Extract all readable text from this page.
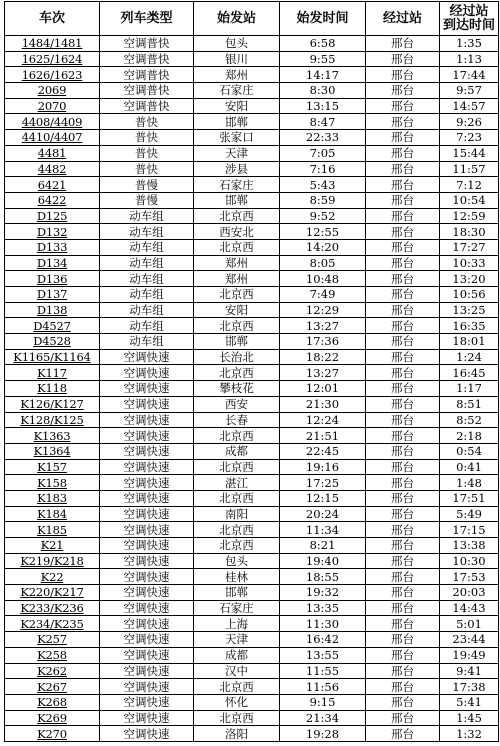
车次	列车类型	始发站	始发时间	经过站	经过站
到达时间

1484/1481	空调普快	包头	6:58	邢台	1:35
1625/1624	空调普快	银川	9:55	邢台	1:13
1626/1623	空调普快	郑州	14:17	邢台	17:44
2069	空调普快	石家庄	8:30	邢台	9:57
2070	空调普快	安阳	13:15	邢台	14:57
4408/4409	普快	邯郸	8:47	邢台	9:26
4410/4407	普快	张家口	22:33	邢台	7:23
4481	普快	天津	7:05	邢台	15:44
4482	普快	涉县	7:16	邢台	11:57
6421	普慢	石家庄	5:43	邢台	7:12
6422	普慢	邯郸	8:59	邢台	10:54
D125	动车组	北京西	9:52	邢台	12:59
D132	动车组	西安北	12:55	邢台	18:30
D133	动车组	北京西	14:20	邢台	17:27
D134	动车组	郑州	8:05	邢台	10:33
D136	动车组	郑州	10:48	邢台	13:20
D137	动车组	北京西	7:49	邢台	10:56
D138	动车组	安阳	12:29	邢台	13:25
D4527	动车组	北京西	13:27	邢台	16:35
D4528	动车组	邯郸	17:36	邢台	18:01
K1165/K1164	空调快速	长治北	18:22	邢台	1:24
K117	空调快速	北京西	13:27	邢台	16:45
K118	空调快速	攀枝花	12:01	邢台	1:17
K126/K127	空调快速	西安	21:30	邢台	8:51
K128/K125	空调快速	长春	12:24	邢台	8:52
K1363	空调快速	北京西	21:51	邢台	2:18
K1364	空调快速	成都	22:45	邢台	0:54
K157	空调快速	北京西	19:16	邢台	0:41
K158	空调快速	湛江	17:25	邢台	1:48
K183	空调快速	北京西	12:15	邢台	17:51
K184	空调快速	南阳	20:24	邢台	5:49
K185	空调快速	北京西	11:34	邢台	17:15
K21	空调快速	北京西	8:21	邢台	13:38
K219/K218	空调快速	包头	19:40	邢台	10:30
K22	空调快速	桂林	18:55	邢台	17:53
K220/K217	空调快速	邯郸	19:32	邢台	20:03
K233/K236	空调快速	石家庄	13:35	邢台	14:43
K234/K235	空调快速	上海	11:30	邢台	5:01
K257	空调快速	天津	16:42	邢台	23:44
K258	空调快速	成都	13:55	邢台	19:49
K262	空调快速	汉中	11:55	邢台	9:41
K267	空调快速	北京西	11:56	邢台	17:38
K268	空调快速	怀化	9:15	邢台	5:41
K269	空调快速	北京西	21:34	邢台	1:45
K270	空调快速	洛阳	19:28	邢台	1:32
